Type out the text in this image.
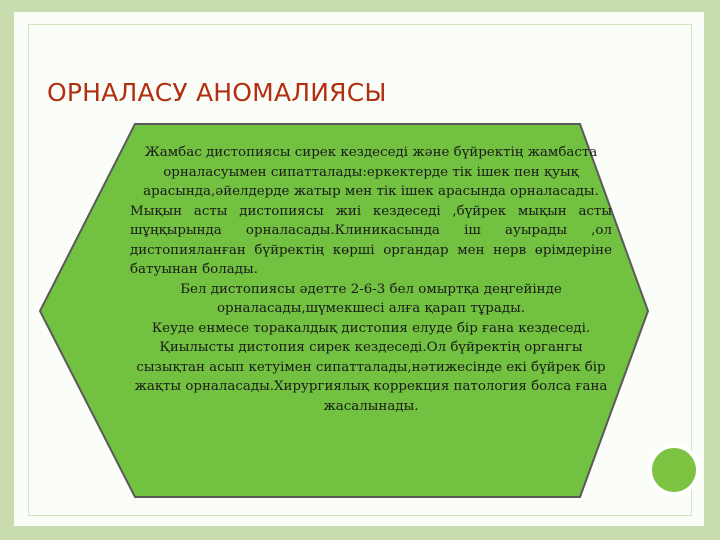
ОРНАЛАСУ АНОМАЛИЯСЫ

Жамбас дистопиясы сирек кездеседі және бүйректің жамбаста орналасуымен сипатталады:еркектерде тік ішек пен қуық арасында,әйелдерде жатыр мен тік ішек арасында орналасады.

Мықын асты дистопиясы жиі кездеседі ,бүйрек мықын асты шұңқырында орналасады.Клиникасында іш ауырады ,ол дистопияланған бүйректің көрші органдар мен нерв өрімдеріне батуынан болады.

Бел дистопиясы әдетте 2-6-3 бел омыртқа деңгейінде орналасады,шүмекшесі алға қарап тұрады.

Кеуде енмесе торакалдық дистопия елуде бір ғана кездеседі. Қиылысты дистопия сирек кездеседі.Ол бүйректің органгы сызықтан асып кетуімен сипатталады,нәтижесінде екі бүйрек бір жақты орналасады.Хирургиялық коррекция патология болса ғана жасалынады.
